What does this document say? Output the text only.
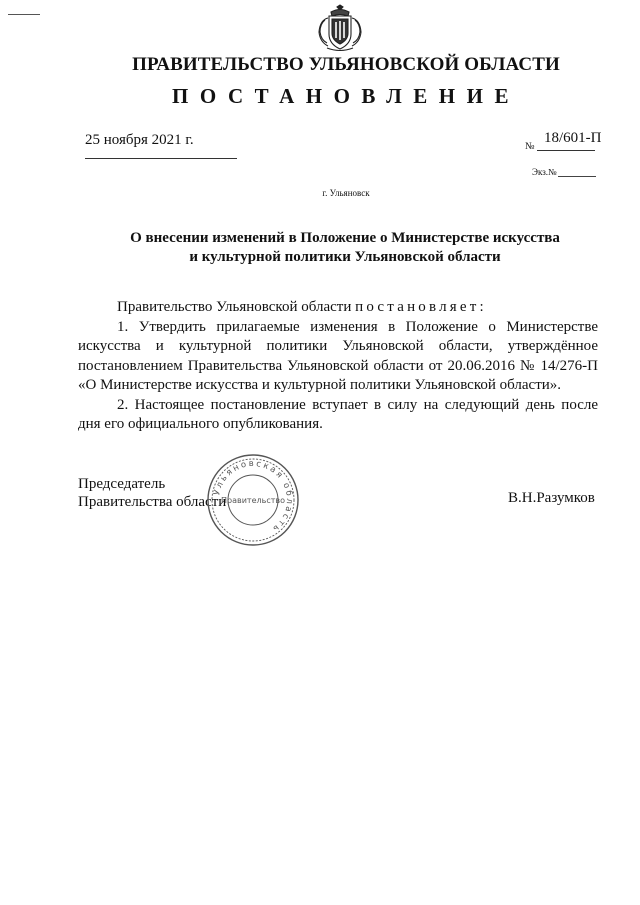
ПРАВИТЕЛЬСТВО УЛЬЯНОВСКОЙ ОБЛАСТИ
ПОСТАНОВЛЕНИЕ
25 ноября 2021 г.	№
18/601-П
Экз.№
г. Ульяновск
О внесении изменений в Положение о Министерстве искусства
и культурной политики Ульяновской области

Правительство Ульяновской области постановляет:

1. Утвердить прилагаемые изменения в Положение о Министерстве искусства и культурной политики Ульяновской области, утверждённое постановлением Правительства Ульяновской области от 20.06.2016 № 14/276-П «О Министерстве искусства и культурной политики Ульяновской области».

2. Настоящее постановление вступает в силу на следующий день после дня его официального опубликования.

Председатель
Правительства области	В.Н.Разумков
Ульяновская область
Правительство
